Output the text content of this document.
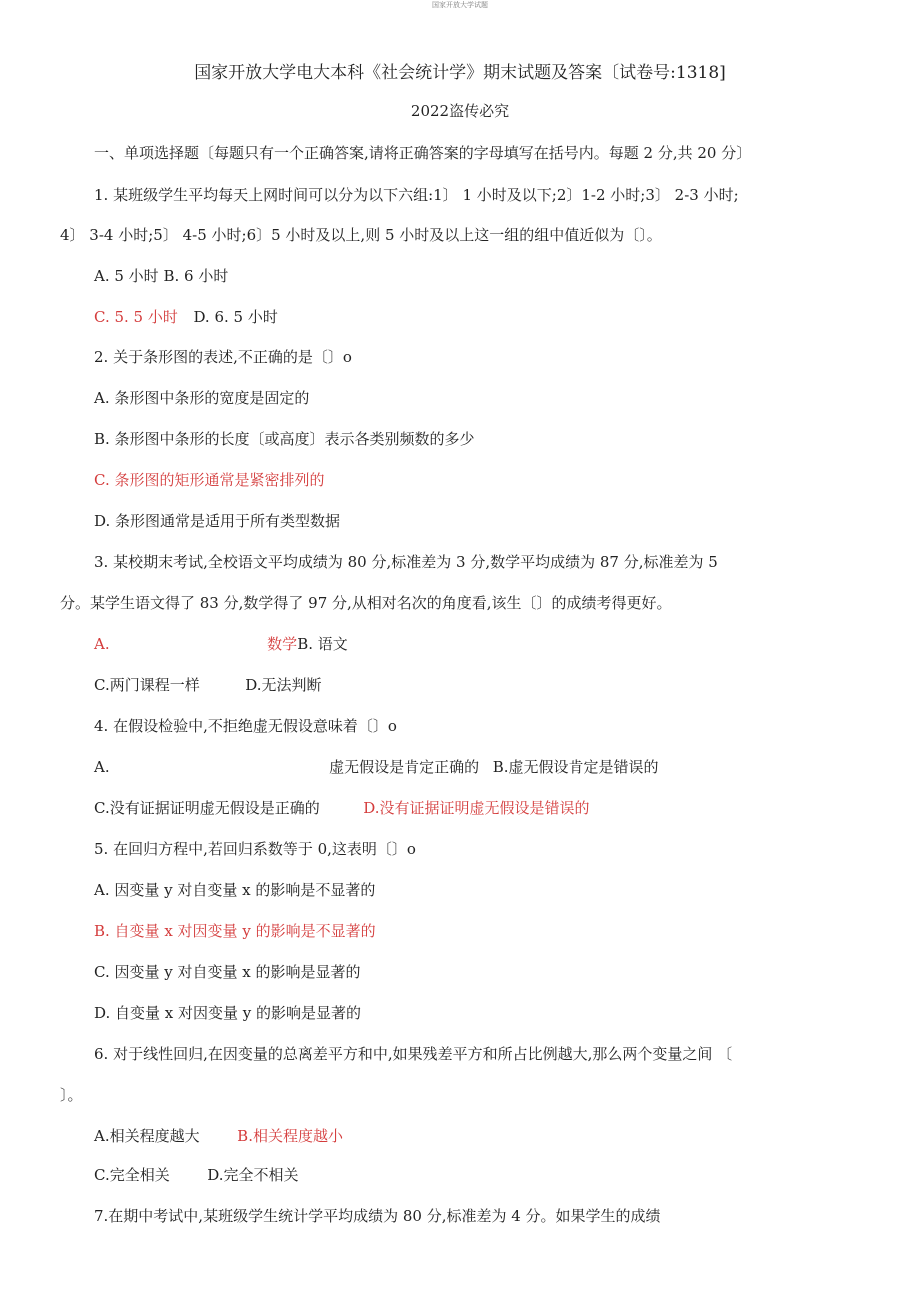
国家开放大学试题
国家开放大学电大本科《社会统计学》期末试题及答案〔试卷号:1318]
2022盗传必究
一、单项选择题〔每题只有一个正确答案,请将正确答案的字母填写在括号内。每题 2 分,共 20 分〕
1. 某班级学生平均每天上网时间可以分为以下六组:1〕 1 小时及以下;2〕1-2 小时;3〕 2-3 小时;
4〕 3-4 小时;5〕 4-5 小时;6〕5 小时及以上,则 5 小时及以上这一组的组中值近似为〔〕。
A. 5 小时 B. 6 小时
C. 5. 5 小时 D. 6. 5 小时
2. 关于条形图的表述,不正确的是〔〕o
A. 条形图中条形的宽度是固定的
B. 条形图中条形的长度〔或高度〕表示各类别频数的多少
C. 条形图的矩形通常是紧密排列的
D. 条形图通常是适用于所有类型数据
3. 某校期末考试,全校语文平均成绩为 80 分,标准差为 3 分,数学平均成绩为 87 分,标准差为 5
分。某学生语文得了 83 分,数学得了 97 分,从相对名次的角度看,该生〔〕的成绩考得更好。
A.	数学B. 语文
C.两门课程一样	D.无法判断
4. 在假设检验中,不拒绝虚无假设意味着〔〕o
A.	虚无假设是肯定正确的 B.虚无假设肯定是错误的
C.没有证据证明虚无假设是正确的	D.没有证据证明虚无假设是错误的
5. 在回归方程中,若回归系数等于 0,这表明〔〕o
A. 因变量 y 对自变量 x 的影响是不显著的
B. 自变量 x 对因变量 y 的影响是不显著的
C. 因变量 y 对自变量 x 的影响是显著的
D. 自变量 x 对因变量 y 的影响是显著的
6. 对于线性回归,在因变量的总离差平方和中,如果残差平方和所占比例越大,那么两个变量之间 〔
〕。
A.相关程度越大	B.相关程度越小
C.完全相关	D.完全不相关
7.在期中考试中,某班级学生统计学平均成绩为 80 分,标准差为 4 分。如果学生的成绩
